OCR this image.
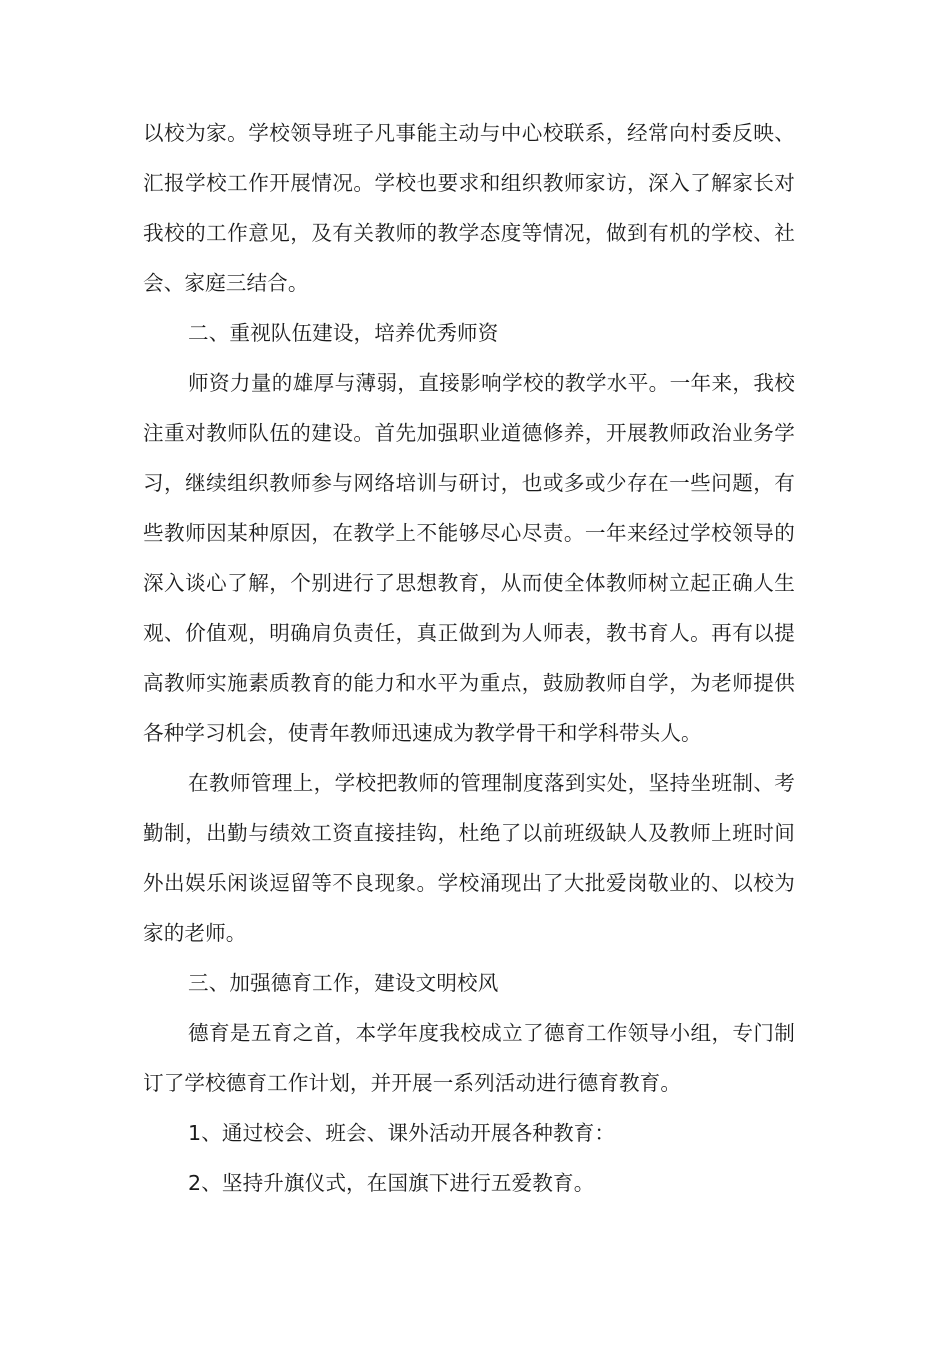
以校为家。学校领导班子凡事能主动与中心校联系，经常向村委反映、汇报学校工作开展情况。学校也要求和组织教师家访，深入了解家长对我校的工作意见，及有关教师的教学态度等情况，做到有机的学校、社会、家庭三结合。

二、重视队伍建设，培养优秀师资

师资力量的雄厚与薄弱，直接影响学校的教学水平。一年来，我校注重对教师队伍的建设。首先加强职业道德修养，开展教师政治业务学习，继续组织教师参与网络培训与研讨，也或多或少存在一些问题，有些教师因某种原因，在教学上不能够尽心尽责。一年来经过学校领导的深入谈心了解，个别进行了思想教育，从而使全体教师树立起正确人生观、价值观，明确肩负责任，真正做到为人师表，教书育人。再有以提高教师实施素质教育的能力和水平为重点，鼓励教师自学，为老师提供各种学习机会，使青年教师迅速成为教学骨干和学科带头人。

在教师管理上，学校把教师的管理制度落到实处，坚持坐班制、考勤制，出勤与绩效工资直接挂钩，杜绝了以前班级缺人及教师上班时间外出娱乐闲谈逗留等不良现象。学校涌现出了大批爱岗敬业的、以校为家的老师。

三、加强德育工作，建设文明校风

德育是五育之首，本学年度我校成立了德育工作领导小组，专门制订了学校德育工作计划，并开展一系列活动进行德育教育。

1、通过校会、班会、课外活动开展各种教育：

2、坚持升旗仪式，在国旗下进行五爱教育。
